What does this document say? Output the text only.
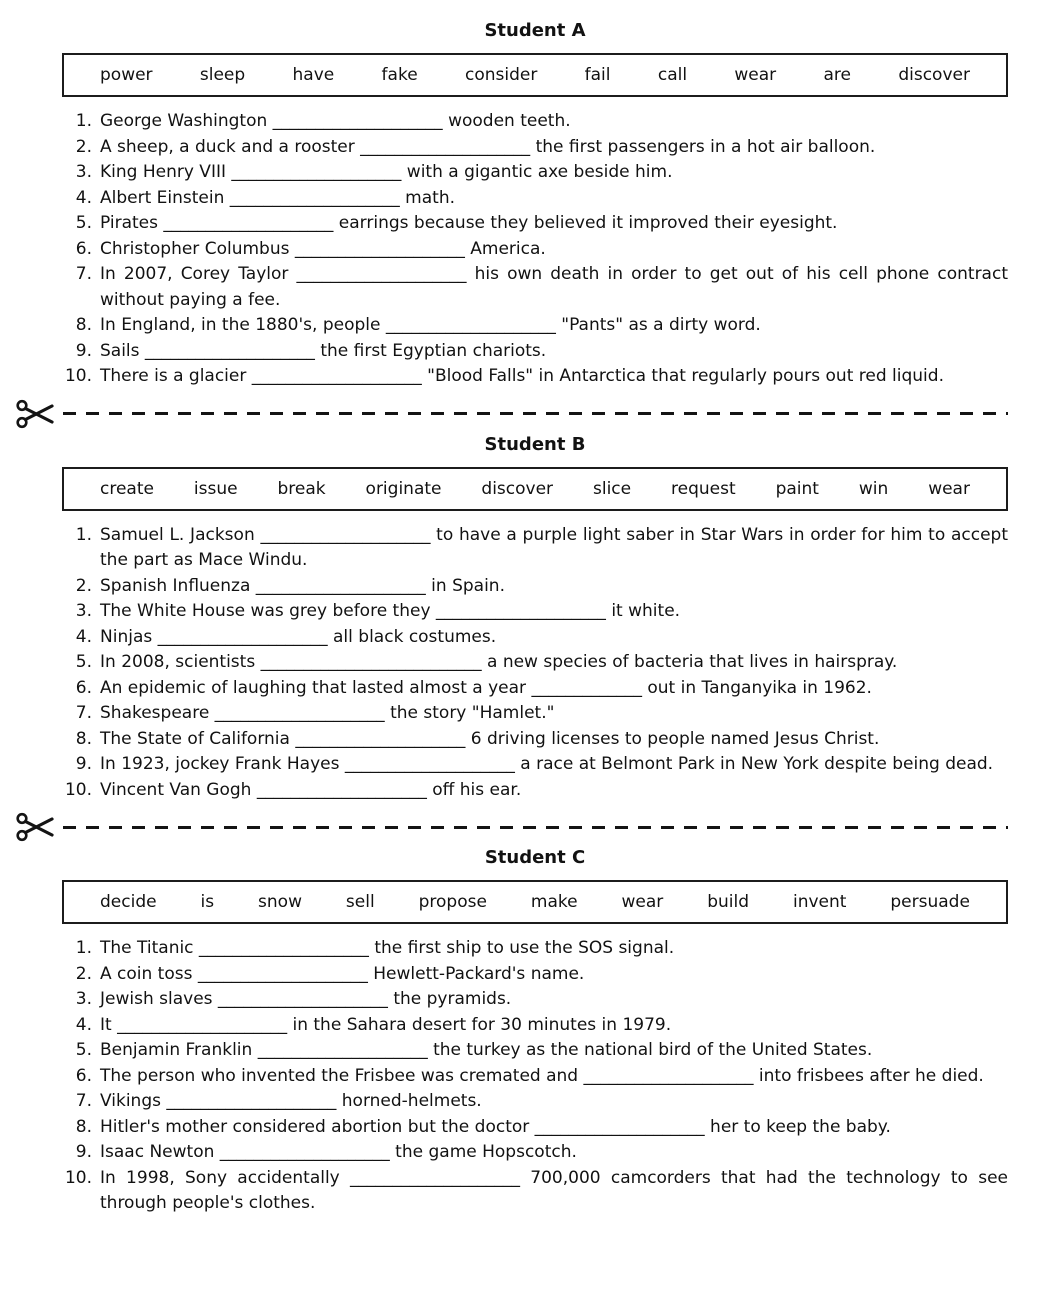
Student A
power	sleep	have	fake	consider	fail	call	wear	are	discover
1. George Washington ____________________ wooden teeth.
2. A sheep, a duck and a rooster ____________________ the first passengers in a hot air balloon.
3. King Henry VIII ____________________ with a gigantic axe beside him.
4. Albert Einstein ____________________ math.
5. Pirates ____________________ earrings because they believed it improved their eyesight.
6. Christopher Columbus ____________________ America.
7. In 2007, Corey Taylor ____________________ his own death in order to get out of his cell phone contract without paying a fee.
8. In England, in the 1880's, people ____________________ "Pants" as a dirty word.
9. Sails ____________________ the first Egyptian chariots.
10. There is a glacier ____________________ "Blood Falls" in Antarctica that regularly pours out red liquid.
Student B
create issue break originate discover slice request paint win wear
1. Samuel L. Jackson ____________________ to have a purple light saber in Star Wars in order for him to accept the part as Mace Windu.
2. Spanish Influenza ____________________ in Spain.
3. The White House was grey before they ____________________ it white.
4. Ninjas ____________________ all black costumes.
5. In 2008, scientists __________________________ a new species of bacteria that lives in hairspray.
6. An epidemic of laughing that lasted almost a year _____________ out in Tanganyika in 1962.
7. Shakespeare ____________________ the story "Hamlet."
8. The State of California ____________________ 6 driving licenses to people named Jesus Christ.
9. In 1923, jockey Frank Hayes ____________________ a race at Belmont Park in New York despite being dead.
10. Vincent Van Gogh ____________________ off his ear.
Student C
decide	is	snow	sell	propose	make	wear	build	invent	persuade
1. The Titanic ____________________ the first ship to use the SOS signal.
2. A coin toss ____________________ Hewlett-Packard's name.
3. Jewish slaves ____________________ the pyramids.
4. It ____________________ in the Sahara desert for 30 minutes in 1979.
5. Benjamin Franklin ____________________ the turkey as the national bird of the United States.
6. The person who invented the Frisbee was cremated and ____________________ into frisbees after he died.
7. Vikings ____________________ horned-helmets.
8. Hitler's mother considered abortion but the doctor ____________________ her to keep the baby.
9. Isaac Newton ____________________ the game Hopscotch.
10. In 1998, Sony accidentally ____________________ 700,000 camcorders that had the technology to see through people's clothes.
